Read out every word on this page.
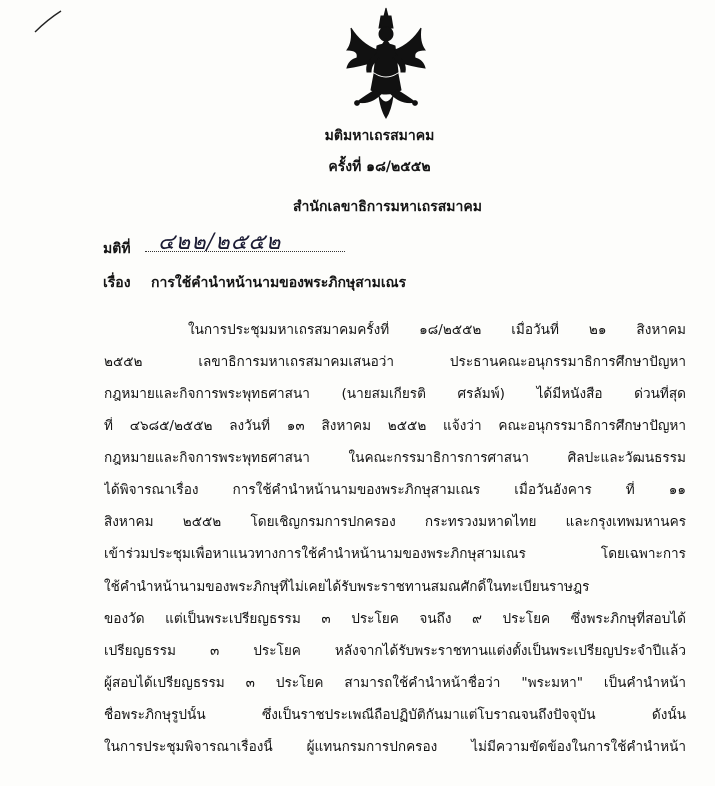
มติมหาเถรสมาคม
ครั้งที่ ๑๘/๒๕๕๒
สำนักเลขาธิการมหาเถรสมาคม
มติที่ ๔๒๒/๒๕๕๒
เรื่อง การใช้คำนำหน้านามของพระภิกษุสามเณร
ในการประชุมมหาเถรสมาคมครั้งที่ ๑๘/๒๕๕๒ เมื่อวันที่ ๒๑ สิงหาคม
๒๕๕๒ เลขาธิการมหาเถรสมาคมเสนอว่า ประธานคณะอนุกรรมาธิการศึกษาปัญหา
กฎหมายและกิจการพระพุทธศาสนา (นายสมเกียรติ ศรลัมพ์) ได้มีหนังสือ ด่วนที่สุด
ที่ ๔๖๘๕/๒๕๕๒ ลงวันที่ ๑๓ สิงหาคม ๒๕๕๒ แจ้งว่า คณะอนุกรรมาธิการศึกษาปัญหา
กฎหมายและกิจการพระพุทธศาสนา ในคณะกรรมาธิการการศาสนา ศิลปะและวัฒนธรรม
ได้พิจารณาเรื่อง การใช้คำนำหน้านามของพระภิกษุสามเณร เมื่อวันอังคาร ที่ ๑๑
สิงหาคม ๒๕๕๒ โดยเชิญกรมการปกครอง กระทรวงมหาดไทย และกรุงเทพมหานคร
เข้าร่วมประชุมเพื่อหาแนวทางการใช้คำนำหน้านามของพระภิกษุสามเณร โดยเฉพาะการ
ใช้คำนำหน้านามของพระภิกษุที่ไม่เคยได้รับพระราชทานสมณศักดิ์ในทะเบียนราษฎร
ของวัด แต่เป็นพระเปรียญธรรม ๓ ประโยค จนถึง ๙ ประโยค ซึ่งพระภิกษุที่สอบได้
เปรียญธรรม ๓ ประโยค หลังจากได้รับพระราชทานแต่งตั้งเป็นพระเปรียญประจำปีแล้ว
ผู้สอบได้เปรียญธรรม ๓ ประโยค สามารถใช้คำนำหน้าชื่อว่า "พระมหา" เป็นคำนำหน้า
ชื่อพระภิกษุรูปนั้น ซึ่งเป็นราชประเพณีถือปฏิบัติกันมาแต่โบราณจนถึงปัจจุบัน ดังนั้น
ในการประชุมพิจารณาเรื่องนี้ ผู้แทนกรมการปกครอง ไม่มีความขัดข้องในการใช้คำนำหน้า
